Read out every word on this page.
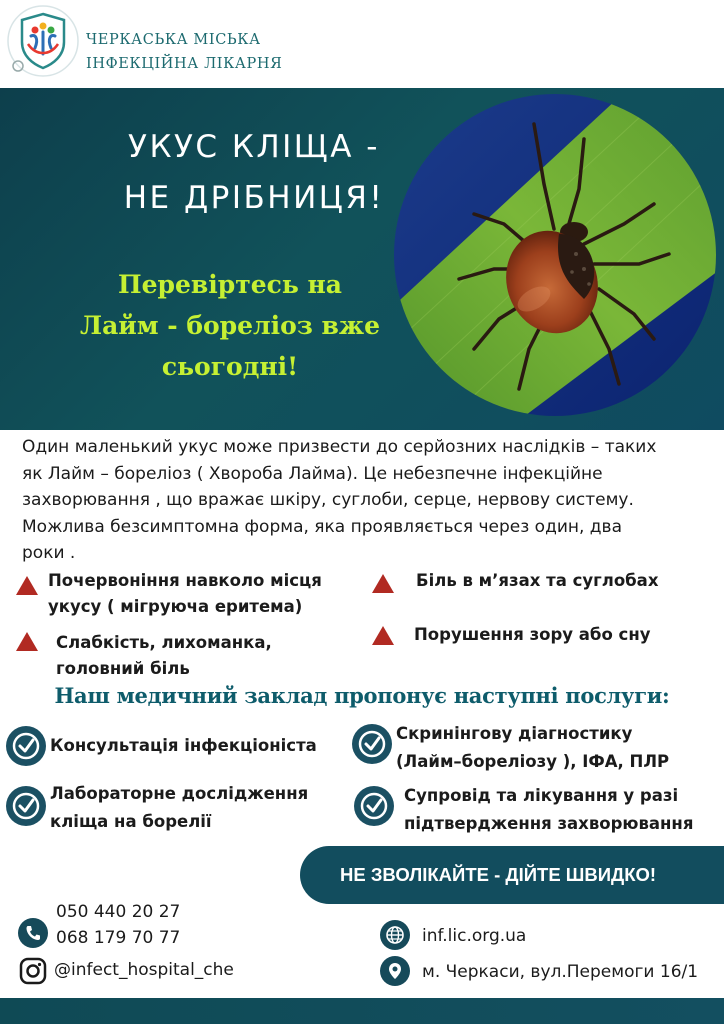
ЧЕРКАСЬКА МІСЬКА
ІНФЕКЦІЙНА ЛІКАРНЯ
УКУС КЛІЩА -
НЕ ДРІБНИЦЯ!
Перевіртесь на
Лайм - бореліоз вже
сьогодні!
Один маленький укус може призвести до серйозних наслідків – таких
як Лайм – бореліоз ( Хвороба Лайма). Це небезпечне інфекційне
захворювання , що вражає шкіру, суглоби, серце, нервову систему.
Можлива безсимптомна форма, яка проявляється через один, два
роки .
Почервоніння навколо місця
укусу ( мігруюча еритема)
Біль в м’язах та суглобах
Слабкість, лихоманка,
головний біль
Порушення зору або сну
Наш медичний заклад пропонує наступні послуги:
Консультація інфекціоніста
Скринінгову діагностику
(Лайм–бореліозу ), ІФА, ПЛР
Лабораторне дослідження
кліща на борелії
Супровід та лікування у разі
підтвердження захворювання
НЕ ЗВОЛІКАЙТЕ - ДІЙТЕ ШВИДКО!
050 440 20 27
068 179 70 77
@infect_hospital_che
inf.lic.org.ua
м. Черкаси, вул.Перемоги 16/1
